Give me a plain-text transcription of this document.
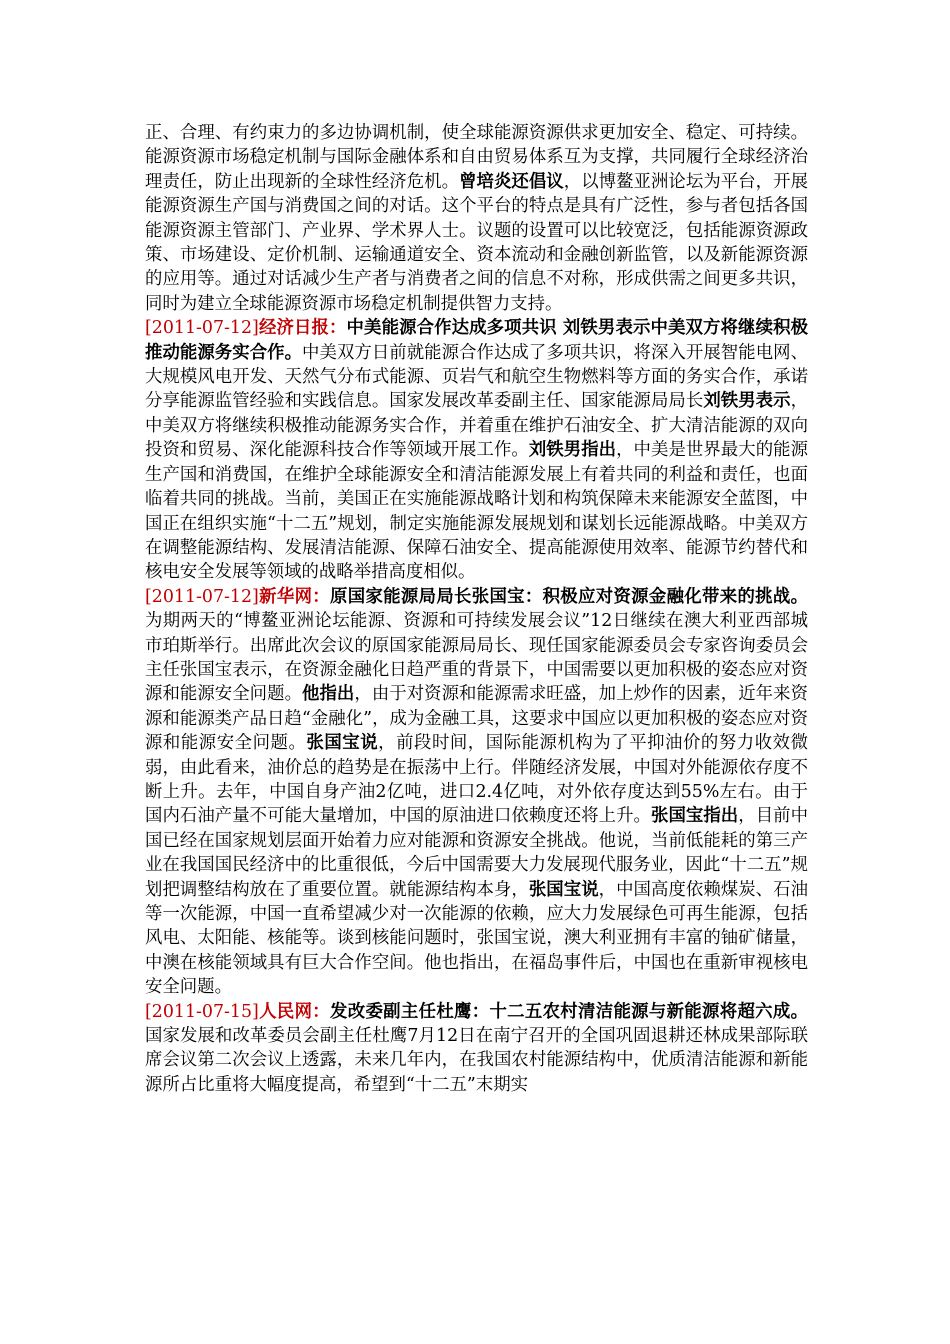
正、合理、有约束力的多边协调机制，使全球能源资源供求更加安全、稳定、可持续。能源资源市场稳定机制与国际金融体系和自由贸易体系互为支撑，共同履行全球经济治理责任，防止出现新的全球性经济危机。曾培炎还倡议，以博鳌亚洲论坛为平台，开展能源资源生产国与消费国之间的对话。这个平台的特点是具有广泛性，参与者包括各国能源资源主管部门、产业界、学术界人士。议题的设置可以比较宽泛，包括能源资源政策、市场建设、定价机制、运输通道安全、资本流动和金融创新监管，以及新能源资源的应用等。通过对话减少生产者与消费者之间的信息不对称，形成供需之间更多共识，同时为建立全球能源资源市场稳定机制提供智力支持。

[2011-07-12]经济日报：中美能源合作达成多项共识 刘铁男表示中美双方将继续积极推动能源务实合作。中美双方日前就能源合作达成了多项共识，将深入开展智能电网、大规模风电开发、天然气分布式能源、页岩气和航空生物燃料等方面的务实合作，承诺分享能源监管经验和实践信息。国家发展改革委副主任、国家能源局局长刘铁男表示，中美双方将继续积极推动能源务实合作，并着重在维护石油安全、扩大清洁能源的双向投资和贸易、深化能源科技合作等领域开展工作。刘铁男指出，中美是世界最大的能源生产国和消费国，在维护全球能源安全和清洁能源发展上有着共同的利益和责任，也面临着共同的挑战。当前，美国正在实施能源战略计划和构筑保障未来能源安全蓝图，中国正在组织实施“十二五”规划，制定实施能源发展规划和谋划长远能源战略。中美双方在调整能源结构、发展清洁能源、保障石油安全、提高能源使用效率、能源节约替代和核电安全发展等领域的战略举措高度相似。

[2011-07-12]新华网：原国家能源局局长张国宝：积极应对资源金融化带来的挑战。为期两天的“博鳌亚洲论坛能源、资源和可持续发展会议”12日继续在澳大利亚西部城市珀斯举行。出席此次会议的原国家能源局局长、现任国家能源委员会专家咨询委员会主任张国宝表示，在资源金融化日趋严重的背景下，中国需要以更加积极的姿态应对资源和能源安全问题。他指出，由于对资源和能源需求旺盛，加上炒作的因素，近年来资源和能源类产品日趋“金融化”，成为金融工具，这要求中国应以更加积极的姿态应对资源和能源安全问题。张国宝说，前段时间，国际能源机构为了平抑油价的努力收效微弱，由此看来，油价总的趋势是在振荡中上行。伴随经济发展，中国对外能源依存度不断上升。去年，中国自身产油2亿吨，进口2.4亿吨，对外依存度达到55%左右。由于国内石油产量不可能大量增加，中国的原油进口依赖度还将上升。张国宝指出，目前中国已经在国家规划层面开始着力应对能源和资源安全挑战。他说，当前低能耗的第三产业在我国国民经济中的比重很低，今后中国需要大力发展现代服务业，因此“十二五”规划把调整结构放在了重要位置。就能源结构本身，张国宝说，中国高度依赖煤炭、石油等一次能源，中国一直希望减少对一次能源的依赖，应大力发展绿色可再生能源，包括风电、太阳能、核能等。谈到核能问题时，张国宝说，澳大利亚拥有丰富的铀矿储量，中澳在核能领域具有巨大合作空间。他也指出，在福岛事件后，中国也在重新审视核电安全问题。

[2011-07-15]人民网：发改委副主任杜鹰：十二五农村清洁能源与新能源将超六成。国家发展和改革委员会副主任杜鹰7月12日在南宁召开的全国巩固退耕还林成果部际联席会议第二次会议上透露，未来几年内，在我国农村能源结构中，优质清洁能源和新能源所占比重将大幅度提高，希望到“十二五”末期实
